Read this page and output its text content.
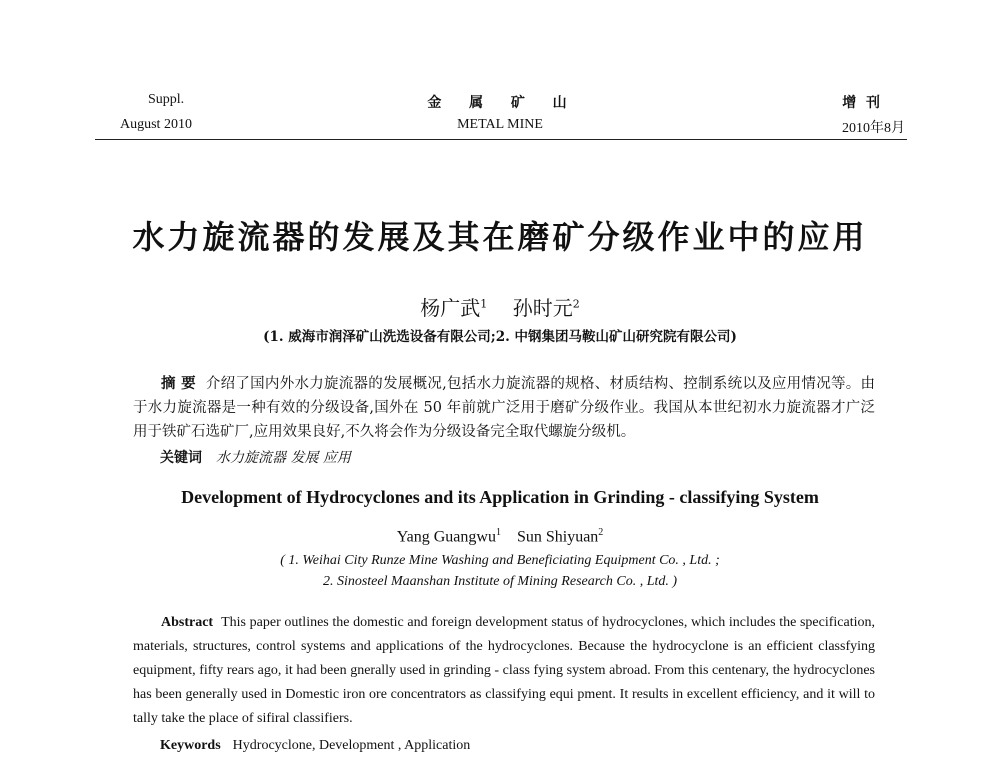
Suppl.
August 2010
金  属  矿  山
METAL MINE
增  刊
2010年8月
水力旋流器的发展及其在磨矿分级作业中的应用
杨广武$^1$ 孙时元$^2$
(1. 威海市润泽矿山洗选设备有限公司;2. 中钢集团马鞍山矿山研究院有限公司)
摘 要 介绍了国内外水力旋流器的发展概况,包括水力旋流器的规格、材质结构、控制系统以及应用情况等。由于水力旋流器是一种有效的分级设备,国外在 50 年前就广泛用于磨矿分级作业。我国从本世纪初水力旋流器才广泛用于铁矿石选矿厂,应用效果良好,不久将会作为分级设备完全取代螺旋分级机。
关键词 水力旋流器 发展 应用
Development of Hydrocyclones and its Application in Grinding - classifying System
Yang Guangwu$^1$ Sun Shiyuan$^2$
( 1. Weihai City Runze Mine Washing and Beneficiating Equipment Co. , Ltd. ;
2. Sinosteel Maanshan Institute of Mining Research Co. , Ltd. )
Abstract This paper outlines the domestic and foreign development status of hydrocyclones, which includes the specification, materials, structures, control systems and applications of the hydrocyclones. Because the hydrocyclone is an efficient classfying equipment, fifty rears ago, it had been gnerally used in grinding - class fying system abroad. From this centenary, the hydrocyclones has been generally used in Domestic iron ore concentrators as classifying equi pment. It results in excellent efficiency, and it will to tally take the place of sifiral classifiers.
Keywords Hydrocyclone, Development , Application
